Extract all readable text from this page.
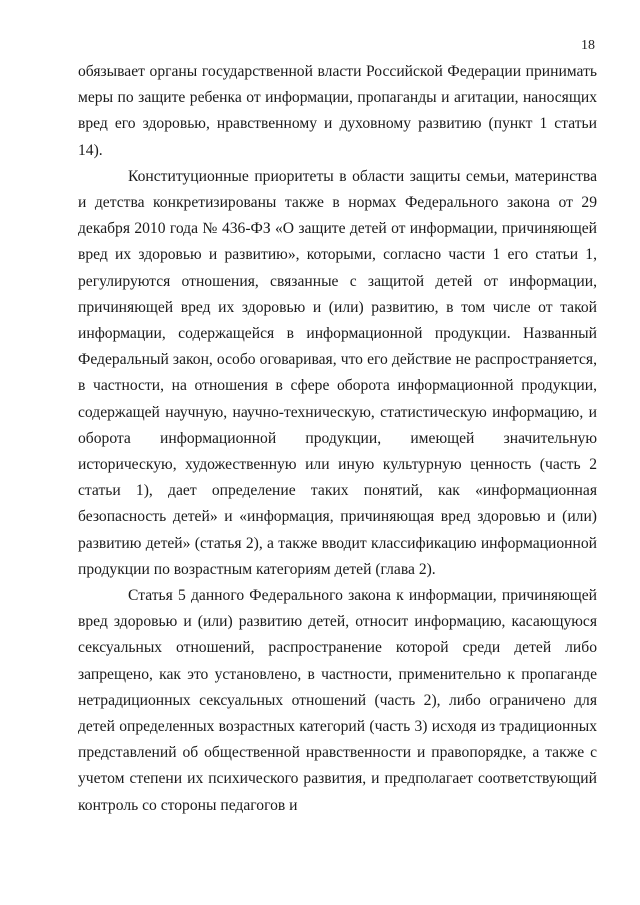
18

обязывает органы государственной власти Российской Федерации принимать меры по защите ребенка от информации, пропаганды и агитации, наносящих вред его здоровью, нравственному и духовному развитию (пункт 1 статьи 14).

Конституционные приоритеты в области защиты семьи, материнства и детства конкретизированы также в нормах Федерального закона от 29 декабря 2010 года № 436-ФЗ «О защите детей от информации, причиняющей вред их здоровью и развитию», которыми, согласно части 1 его статьи 1, регулируются отношения, связанные с защитой детей от информации, причиняющей вред их здоровью и (или) развитию, в том числе от такой информации, содержащейся в информационной продукции. Названный Федеральный закон, особо оговаривая, что его действие не распространяется, в частности, на отношения в сфере оборота информационной продукции, содержащей научную, научно-техническую, статистическую информацию, и оборота информационной продукции, имеющей значительную историческую, художественную или иную культурную ценность (часть 2 статьи 1), дает определение таких понятий, как «информационная безопасность детей» и «информация, причиняющая вред здоровью и (или) развитию детей» (статья 2), а также вводит классификацию информационной продукции по возрастным категориям детей (глава 2).

Статья 5 данного Федерального закона к информации, причиняющей вред здоровью и (или) развитию детей, относит информацию, касающуюся сексуальных отношений, распространение которой среди детей либо запрещено, как это установлено, в частности, применительно к пропаганде нетрадиционных сексуальных отношений (часть 2), либо ограничено для детей определенных возрастных категорий (часть 3) исходя из традиционных представлений об общественной нравственности и правопорядке, а также с учетом степени их психического развития, и предполагает соответствующий контроль со стороны педагогов и
